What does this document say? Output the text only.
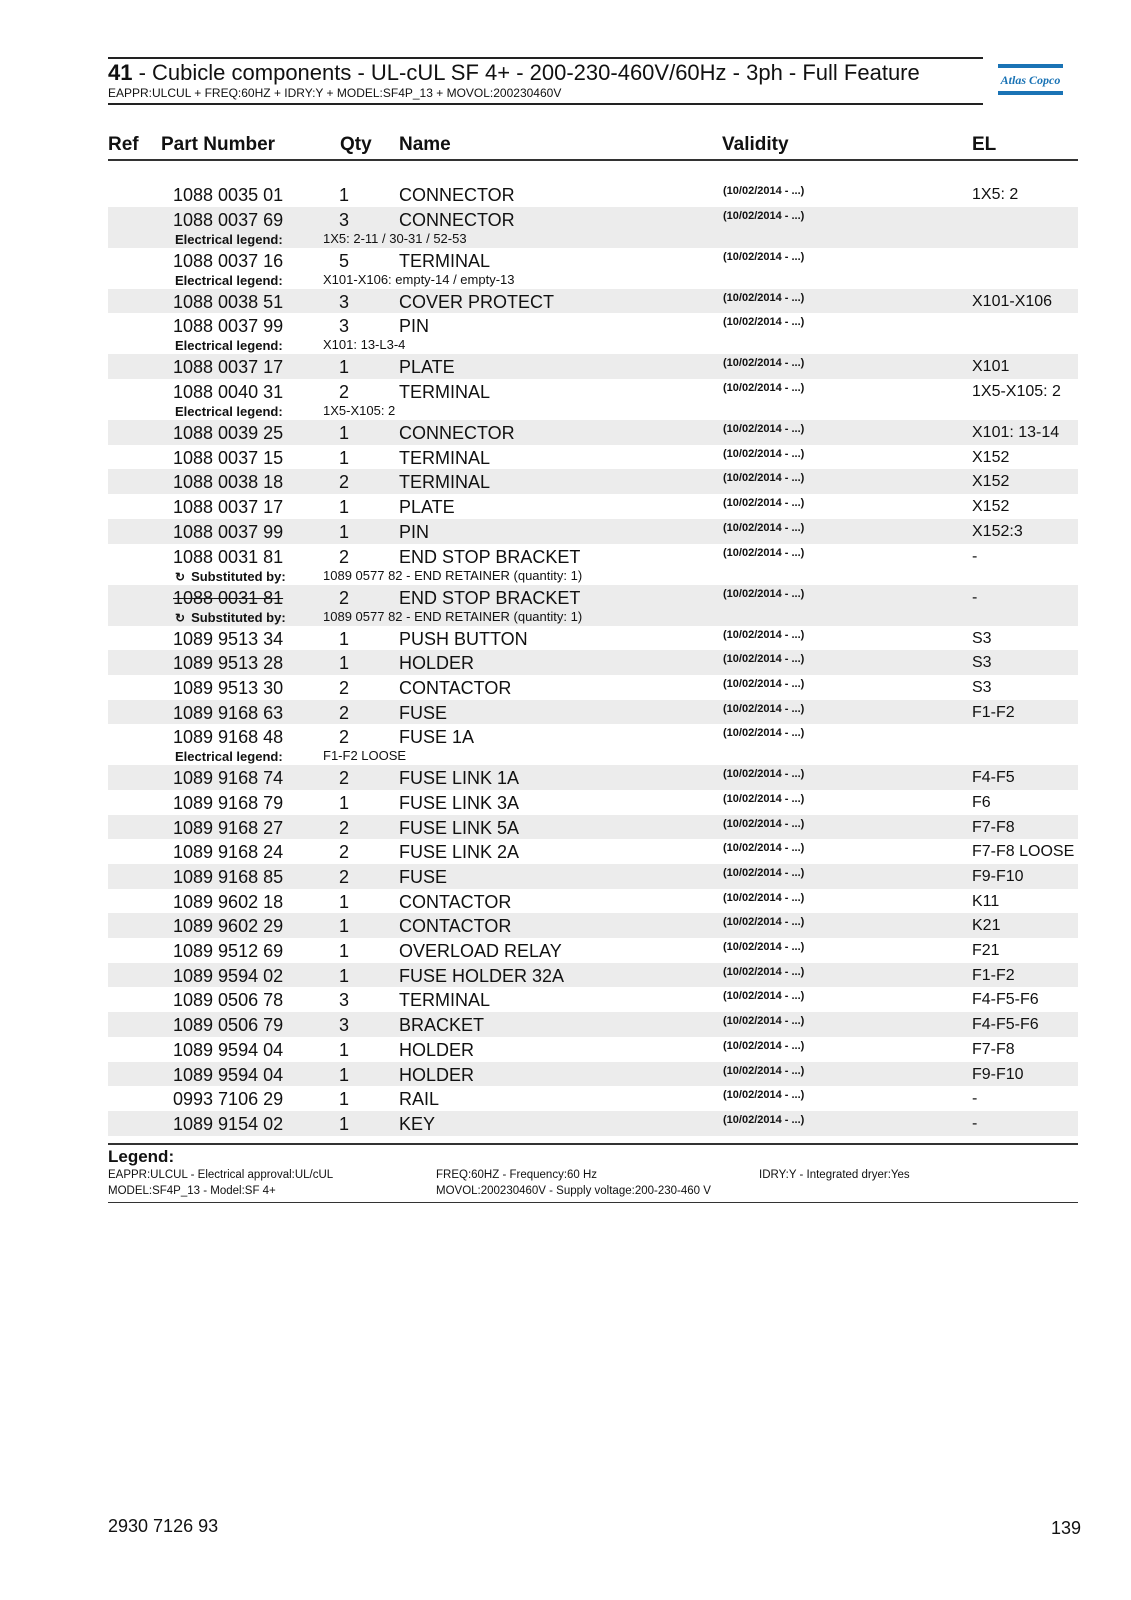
41 - Cubicle components - UL-cUL SF 4+ - 200-230-460V/60Hz - 3ph - Full Feature
EAPPR:ULCUL + FREQ:60HZ + IDRY:Y + MODEL:SF4P_13 + MOVOL:200230460V
Atlas Copco
Ref Part Number	Qty Name	Validity	EL
1088 0035 01	1	CONNECTOR	(10/02/2014 - ...)	1X5: 2
1088 0037 69	3	CONNECTOR	(10/02/2014 - ...)
Electrical legend:	1X5: 2-11 / 30-31 / 52-53
1088 0037 16	5	TERMINAL	(10/02/2014 - ...)
Electrical legend:	X101-X106: empty-14 / empty-13
1088 0038 51	3	COVER PROTECT	(10/02/2014 - ...)	X101-X106
1088 0037 99	3	PIN	(10/02/2014 - ...)
Electrical legend:	X101: 13-L3-4
1088 0037 17	1	PLATE	(10/02/2014 - ...)	X101
1088 0040 31	2	TERMINAL	(10/02/2014 - ...)	1X5-X105: 2
Electrical legend:	1X5-X105: 2
1088 0039 25	1	CONNECTOR	(10/02/2014 - ...)	X101: 13-14
1088 0037 15	1	TERMINAL	(10/02/2014 - ...)	X152
1088 0038 18	2	TERMINAL	(10/02/2014 - ...)	X152
1088 0037 17	1	PLATE	(10/02/2014 - ...)	X152
1088 0037 99	1	PIN	(10/02/2014 - ...)	X152:3
1088 0031 81	2	END STOP BRACKET	(10/02/2014 - ...)	-
↻ Substituted by:	1089 0577 82 - END RETAINER (quantity: 1)
1088 0031 81	2	END STOP BRACKET	(10/02/2014 - ...)	-
↻ Substituted by:	1089 0577 82 - END RETAINER (quantity: 1)
1089 9513 34	1	PUSH BUTTON	(10/02/2014 - ...)	S3
1089 9513 28	1	HOLDER	(10/02/2014 - ...)	S3
1089 9513 30	2	CONTACTOR	(10/02/2014 - ...)	S3
1089 9168 63	2	FUSE	(10/02/2014 - ...)	F1-F2
1089 9168 48	2	FUSE 1A	(10/02/2014 - ...)
Electrical legend:	F1-F2 LOOSE
1089 9168 74	2	FUSE LINK 1A	(10/02/2014 - ...)	F4-F5
1089 9168 79	1	FUSE LINK 3A	(10/02/2014 - ...)	F6
1089 9168 27	2	FUSE LINK 5A	(10/02/2014 - ...)	F7-F8
1089 9168 24	2	FUSE LINK 2A	(10/02/2014 - ...)	F7-F8 LOOSE
1089 9168 85	2	FUSE	(10/02/2014 - ...)	F9-F10
1089 9602 18	1	CONTACTOR	(10/02/2014 - ...)	K11
1089 9602 29	1	CONTACTOR	(10/02/2014 - ...)	K21
1089 9512 69	1	OVERLOAD RELAY	(10/02/2014 - ...)	F21
1089 9594 02	1	FUSE HOLDER 32A	(10/02/2014 - ...)	F1-F2
1089 0506 78	3	TERMINAL	(10/02/2014 - ...)	F4-F5-F6
1089 0506 79	3	BRACKET	(10/02/2014 - ...)	F4-F5-F6
1089 9594 04	1	HOLDER	(10/02/2014 - ...)	F7-F8
1089 9594 04	1	HOLDER	(10/02/2014 - ...)	F9-F10
0993 7106 29	1	RAIL	(10/02/2014 - ...)	-
1089 9154 02	1	KEY	(10/02/2014 - ...)	-
Legend:
EAPPR:ULCUL - Electrical approval:UL/cUL	FREQ:60HZ - Frequency:60 Hz	IDRY:Y - Integrated dryer:Yes
MODEL:SF4P_13 - Model:SF 4+	MOVOL:200230460V - Supply voltage:200-230-460 V
2930 7126 93	139
